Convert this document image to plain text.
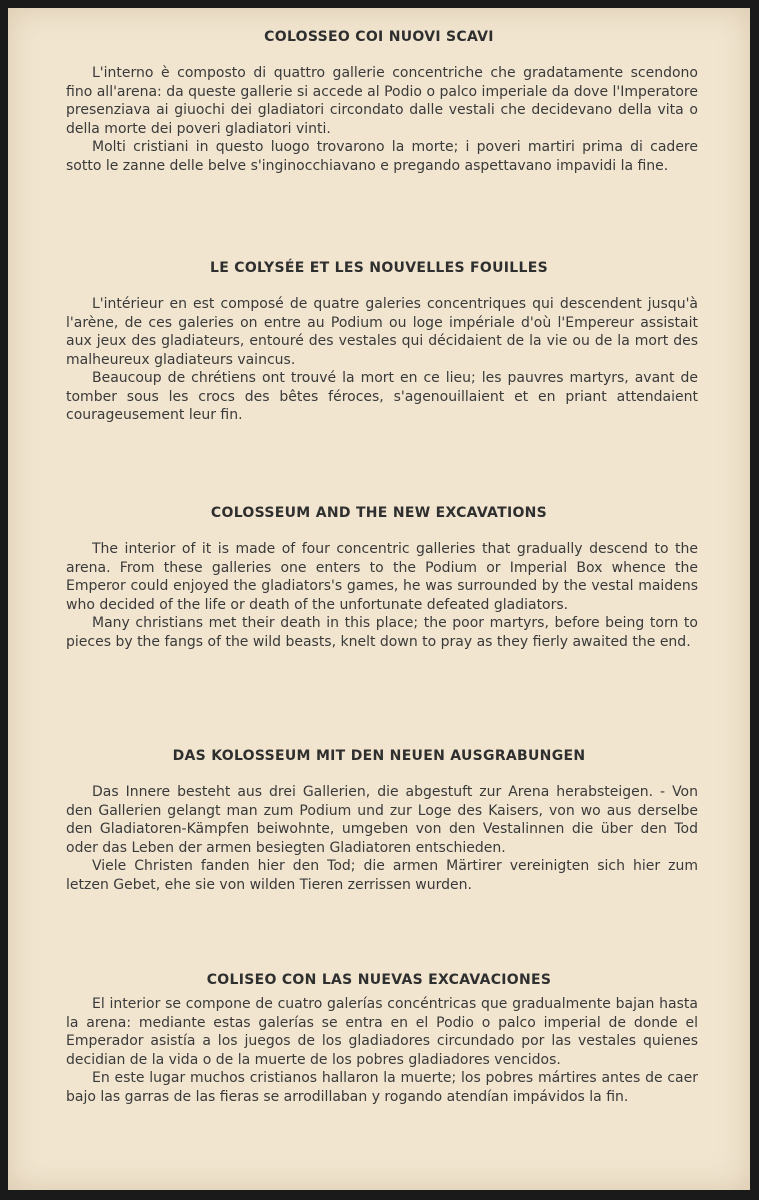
COLOSSEO COI NUOVI SCAVI

L'interno è composto di quattro gallerie concentriche che gradatamente scendono fino all'arena: da queste gallerie si accede al Podio o palco imperiale da dove l'Imperatore presenziava ai giuochi dei gladiatori circondato dalle vestali che decidevano della vita o della morte dei poveri gladiatori vinti.

Molti cristiani in questo luogo trovarono la morte; i poveri martiri prima di cadere sotto le zanne delle belve s'inginocchiavano e pregando aspettavano impavidi la fine.

LE COLYSÉE ET LES NOUVELLES FOUILLES

L'intérieur en est composé de quatre galeries concentriques qui descendent jusqu'à l'arène, de ces galeries on entre au Podium ou loge impériale d'où l'Empereur assistait aux jeux des gladiateurs, entouré des vestales qui décidaient de la vie ou de la mort des malheureux gladiateurs vaincus.

Beaucoup de chrétiens ont trouvé la mort en ce lieu; les pauvres martyrs, avant de tomber sous les crocs des bêtes féroces, s'agenouillaient et en priant attendaient courageusement leur fin.

COLOSSEUM AND THE NEW EXCAVATIONS

The interior of it is made of four concentric galleries that gradually descend to the arena. From these galleries one enters to the Podium or Imperial Box whence the Emperor could enjoyed the gladiators's games, he was surrounded by the vestal maidens who decided of the life or death of the unfortunate defeated gladiators.

Many christians met their death in this place; the poor martyrs, before being torn to pieces by the fangs of the wild beasts, knelt down to pray as they fierly awaited the end.

DAS KOLOSSEUM MIT DEN NEUEN AUSGRABUNGEN

Das Innere besteht aus drei Gallerien, die abgestuft zur Arena herabsteigen. - Von den Gallerien gelangt man zum Podium und zur Loge des Kaisers, von wo aus derselbe den Gladiatoren-Kämpfen beiwohnte, umgeben von den Vestalinnen die über den Tod oder das Leben der armen besiegten Gladiatoren entschieden.

Viele Christen fanden hier den Tod; die armen Märtirer vereinigten sich hier zum letzen Gebet, ehe sie von wilden Tieren zerrissen wurden.

COLISEO CON LAS NUEVAS EXCAVACIONES

El interior se compone de cuatro galerías concéntricas que gradualmente bajan hasta la arena: mediante estas galerías se entra en el Podio o palco imperial de donde el Emperador asistía a los juegos de los gladiadores circundado por las vestales quienes decidian de la vida o de la muerte de los pobres gladiadores vencidos.

En este lugar muchos cristianos hallaron la muerte; los pobres mártires antes de caer bajo las garras de las fieras se arrodillaban y rogando atendían impávidos la fin.
